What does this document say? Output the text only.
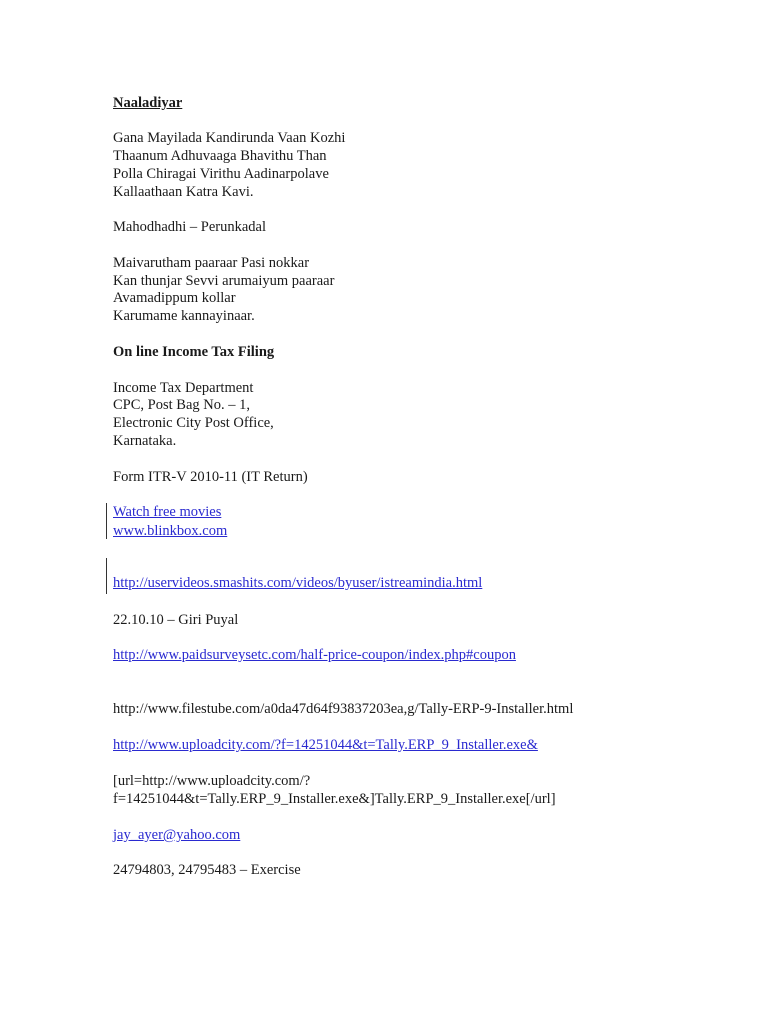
Naaladiyar
Gana Mayilada Kandirunda Vaan Kozhi
Thaanum Adhuvaaga Bhavithu Than
Polla Chiragai Virithu Aadinarpolave
Kallaathaan Katra Kavi.
Mahodhadhi – Perunkadal
Maivarutham paaraar Pasi nokkar
Kan thunjar Sevvi arumaiyum paaraar
Avamadippum kollar
Karumame kannayinaar.
On line Income Tax Filing
Income Tax Department
CPC, Post Bag No. – 1,
Electronic City Post Office,
Karnataka.
Form ITR-V 2010-11 (IT Return)
Watch free movies
www.blinkbox.com
http://uservideos.smashits.com/videos/byuser/istreamindia.html
22.10.10 – Giri Puyal
http://www.paidsurveysetc.com/half-price-coupon/index.php#coupon
http://www.filestube.com/a0da47d64f93837203ea,g/Tally-ERP-9-Installer.html
http://www.uploadcity.com/?f=14251044&t=Tally.ERP_9_Installer.exe&
[url=http://www.uploadcity.com/?
f=14251044&t=Tally.ERP_9_Installer.exe&]Tally.ERP_9_Installer.exe[/url]
jay_ayer@yahoo.com
24794803, 24795483 – Exercise
